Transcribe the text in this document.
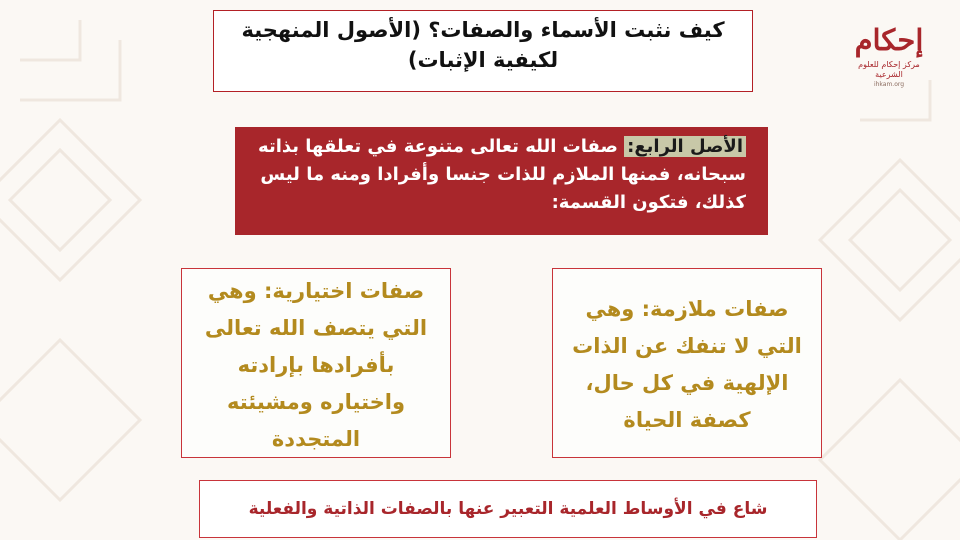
إحكام
مركز إحكام للعلوم الشرعية
ihkam.org
كيف نثبت الأسماء والصفات؟ (الأصول المنهجية
لكيفية الإثبات)
الأصل الرابع: صفات الله تعالى متنوعة في تعلقها بذاته
سبحانه، فمنها الملازم للذات جنسا وأفرادا ومنه ما ليس
كذلك، فتكون القسمة:
صفات اختيارية: وهي
التي يتصف الله تعالى
بأفرادها بإرادته
واختياره ومشيئته
المتجددة
صفات ملازمة: وهي
التي لا تنفك عن الذات
الإلهية في كل حال،
كصفة الحياة
شاع في الأوساط العلمية التعبير عنها بالصفات الذاتية والفعلية
